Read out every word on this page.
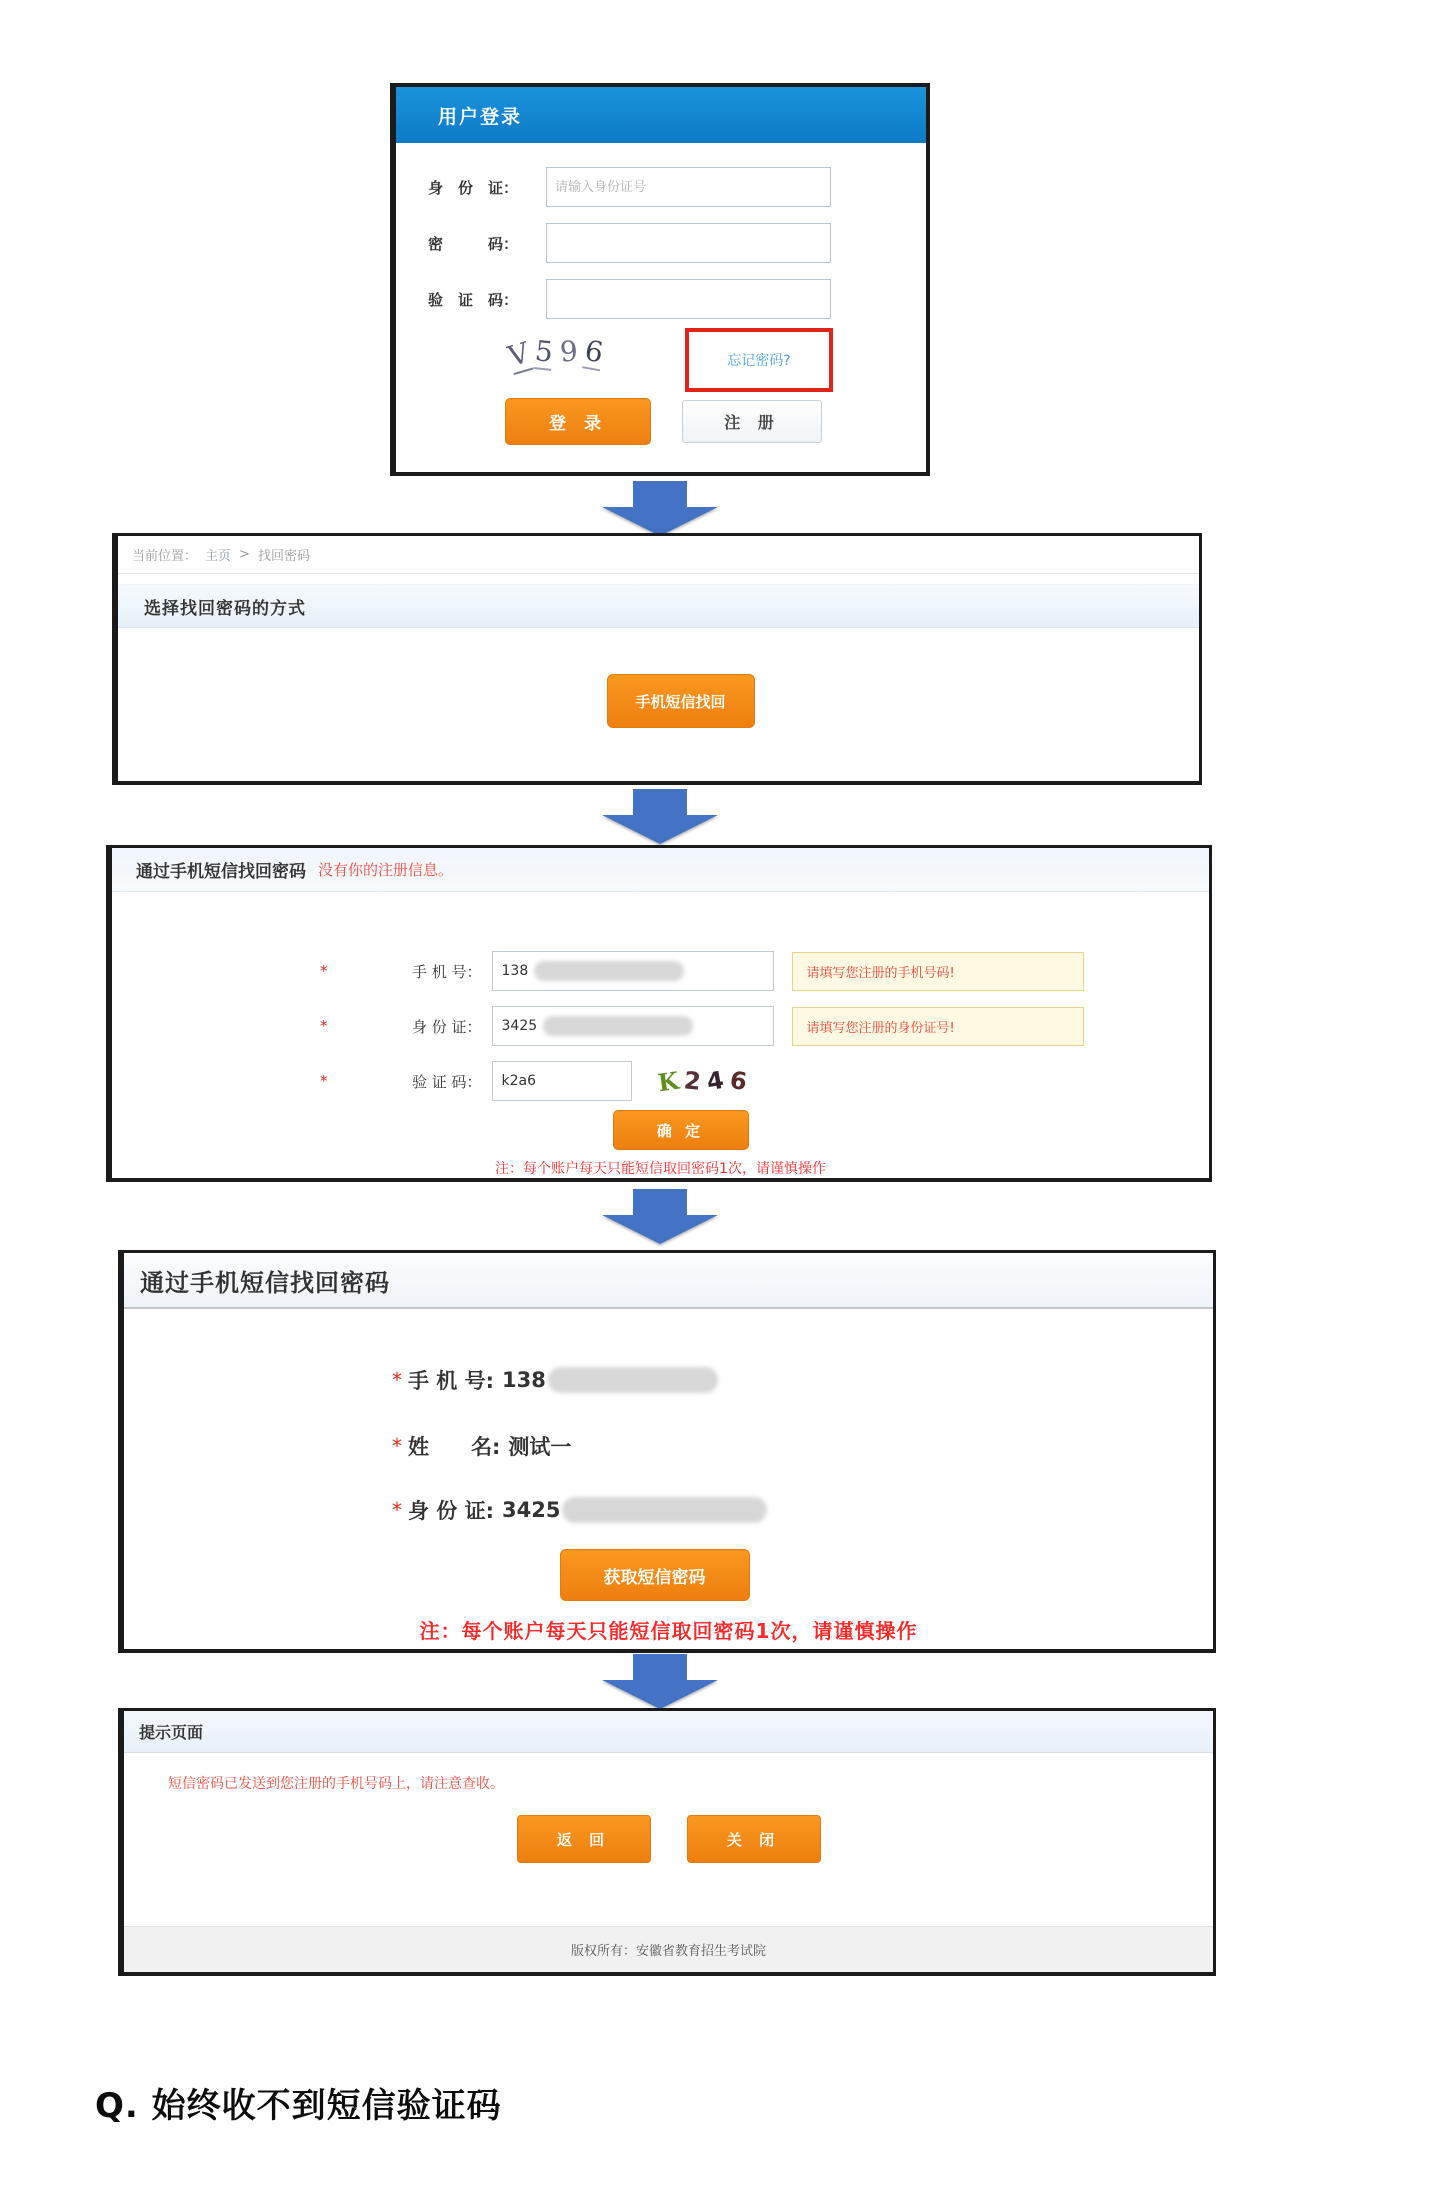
用户登录
身　份　证：
请输入身份证号
密　　　码：
验　证　码：
V 5 9 6	忘记密码?
登 录	注 册
当前位置： 主页 > 找回密码
选择找回密码的方式
手机短信找回
通过手机短信找回密码 没有你的注册信息。
*	手 机 号： 138	请填写您注册的手机号码!
*	身 份 证： 3425	请填写您注册的身份证号!
*	验 证 码： k2a6	K 2 4 6
确 定
注：每个账户每天只能短信取回密码1次，请谨慎操作
通过手机短信找回密码
* 手 机 号: 138
* 姓　　名: 测试一
* 身 份 证: 3425
获取短信密码
注：每个账户每天只能短信取回密码1次，请谨慎操作
提示页面
短信密码已发送到您注册的手机号码上，请注意查收。
返 回	关 闭
版权所有：安徽省教育招生考试院
Q. 始终收不到短信验证码
